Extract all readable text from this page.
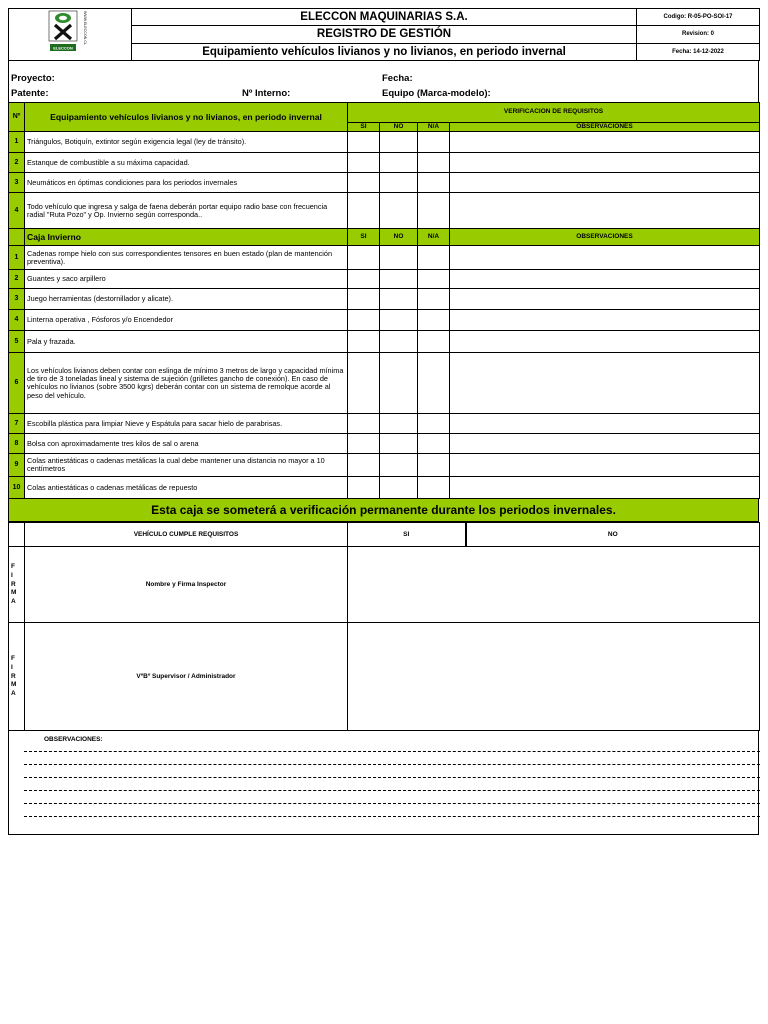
ELECCON
WWW.ELECCON.CL	ELECCON MAQUINARIAS S.A.	Codigo: R-05-PO-SOI-17
	REGISTRO DE GESTIÓN	Revision: 0
	Equipamiento vehículos livianos y no livianos, en periodo invernal	Fecha: 14-12-2022
Proyecto:
Patente:	Nº Interno:
Fecha:
Equipo (Marca-modelo):
Nº	Equipamiento vehículos livianos y no livianos, en periodo invernal	VERIFICACION DE REQUISITOS			
		SI	NO	N/A	OBSERVACIONES
1	Triángulos, Botiquín, extintor según exigencia legal (ley de tránsito).				
2	Estanque de combustible a su máxima capacidad.				
3	Neumáticos en óptimas condiciones para los periodos invernales				
4	Todo vehículo que ingresa y salga de faena deberán portar equipo radio base con frecuencia radial "Ruta Pozo" y Op. Invierno según corresponda..				
	Caja Invierno	SI	NO	N/A	OBSERVACIONES
1	Cadenas rompe hielo con sus correspondientes tensores en buen estado (plan de mantención preventiva).				
2	Guantes y saco arpillero				
3	Juego herramientas (destornillador y alicate).				
4	Linterna operativa , Fósforos y/o Encendedor				
5	Pala y frazada.				
6	Los vehículos livianos deben contar con eslinga de mínimo 3 metros de largo y capacidad mínima de tiro de 3 toneladas lineal y sistema de sujeción (grilletes gancho de conexión). En caso de vehículos no livianos (sobre 3500 kgrs) deberán contar con un sistema de remolque acorde al peso del vehículo.				
7	Escobilla plástica para limpiar Nieve y Espátula para sacar hielo de parabrisas.				
8	Bolsa con aproximadamente tres kilos de sal o arena				
9	Colas antiestáticas o cadenas metálicas la cual debe mantener una distancia no mayor a 10 centímetros				
10	Colas antiestáticas o cadenas metálicas de repuesto				
Esta caja se someterá a verificación permanente durante los periodos invernales.
	VEHÍCULO CUMPLE REQUISITOS	SI	NO
F
I
R
M
A	Nombre y Firma Inspector		
F
I
R
M
A	VºBº Supervisor / Administrador		
OBSERVACIONES:
